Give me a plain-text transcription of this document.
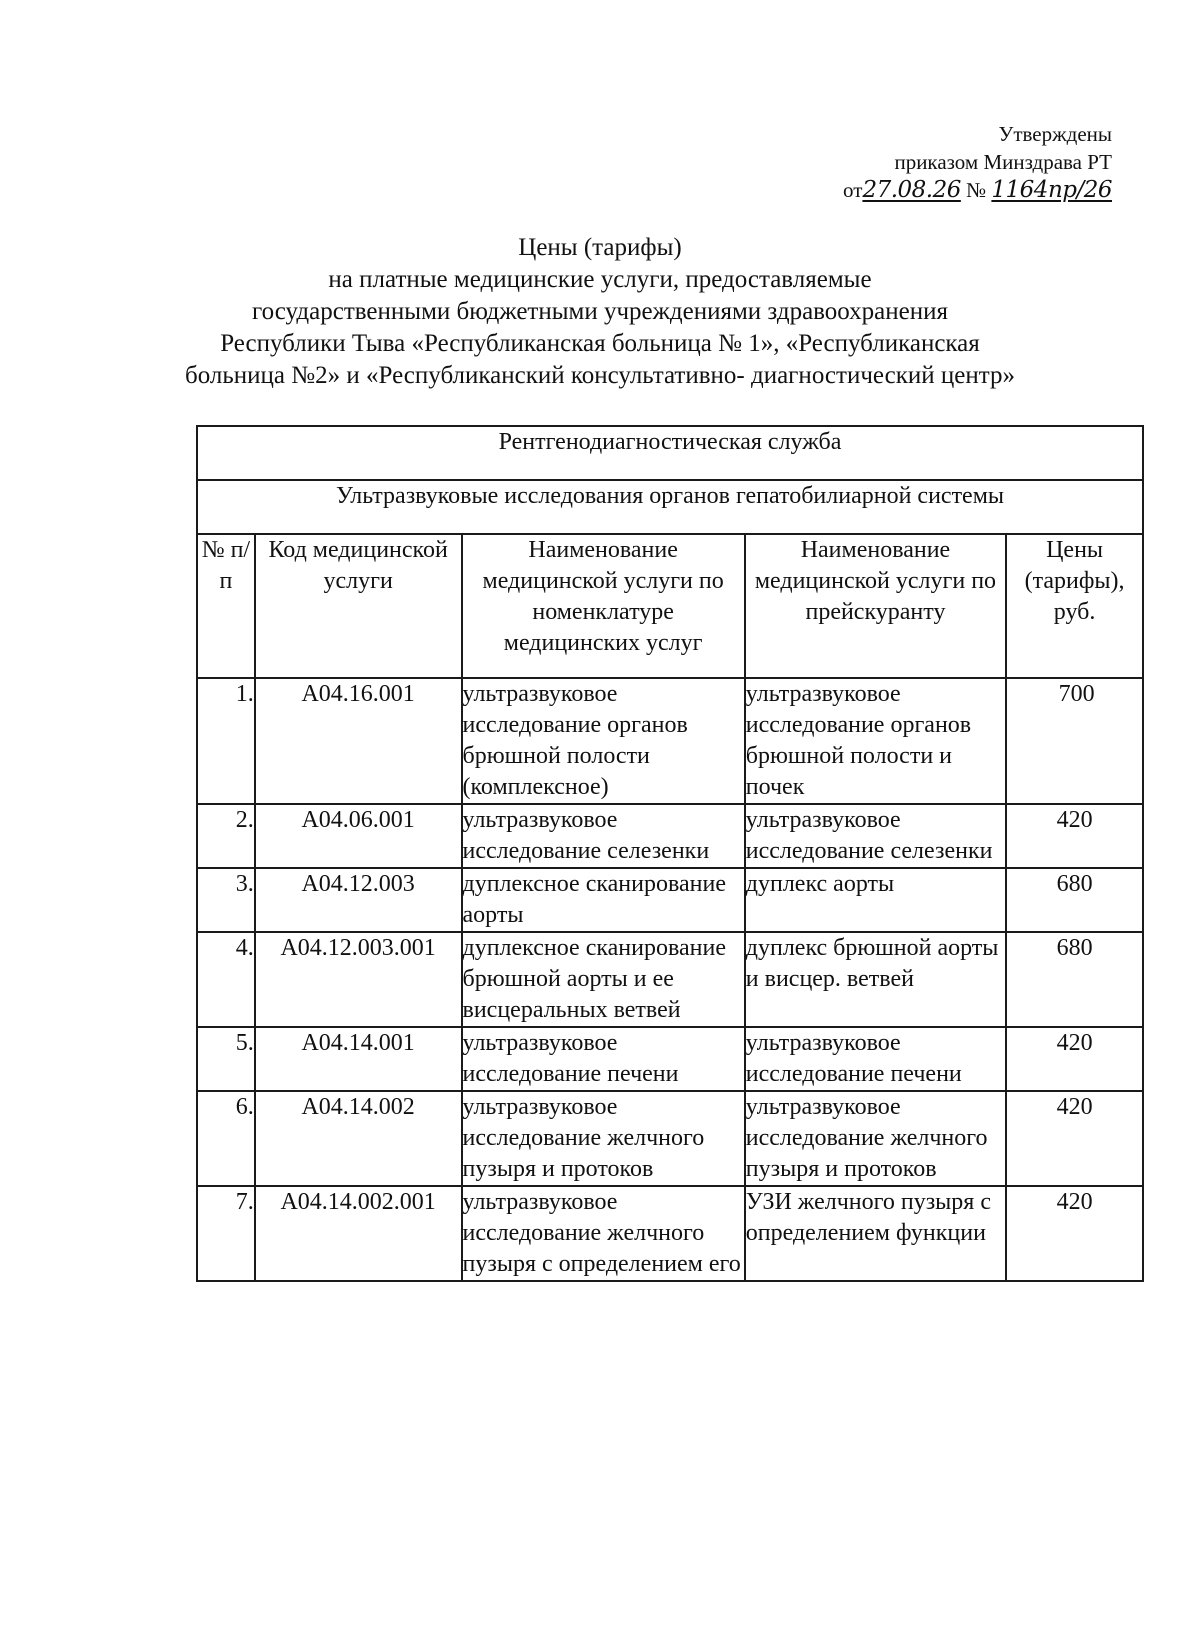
Утверждены
приказом Минздрава РТ
от27.08.26 № 1164пр/26
Цены (тарифы)
на платные медицинские услуги, предоставляемые
государственными бюджетными учреждениями здравоохранения
Республики Тыва «Республиканская больница № 1», «Республиканская
больница №2» и «Республиканский консультативно- диагностический центр»
Рентгенодиагностическая служба				
Ультразвуковые исследования органов гепатобилиарной системы				
№ п/п	Код медицинской услуги	Наименование медицинской услуги по номенклатуре медицинских услуг	Наименование медицинской услуги по прейскуранту	Цены (тарифы), руб.
1.	A04.16.001	ультразвуковое исследование органов брюшной полости (комплексное)	ультразвуковое исследование органов брюшной полости и почек	700
2.	A04.06.001	ультразвуковое исследование селезенки	ультразвуковое исследование селезенки	420
3.	A04.12.003	дуплексное сканирование аорты	дуплекс аорты	680
4.	A04.12.003.001	дуплексное сканирование брюшной аорты и ее висцеральных ветвей	дуплекс брюшной аорты и висцер. ветвей	680
5.	A04.14.001	ультразвуковое исследование печени	ультразвуковое исследование печени	420
6.	A04.14.002	ультразвуковое исследование желчного пузыря и протоков	ультразвуковое исследование желчного пузыря и протоков	420
7.	A04.14.002.001	ультразвуковое исследование желчного пузыря с определением его	УЗИ желчного пузыря с определением функции	420
